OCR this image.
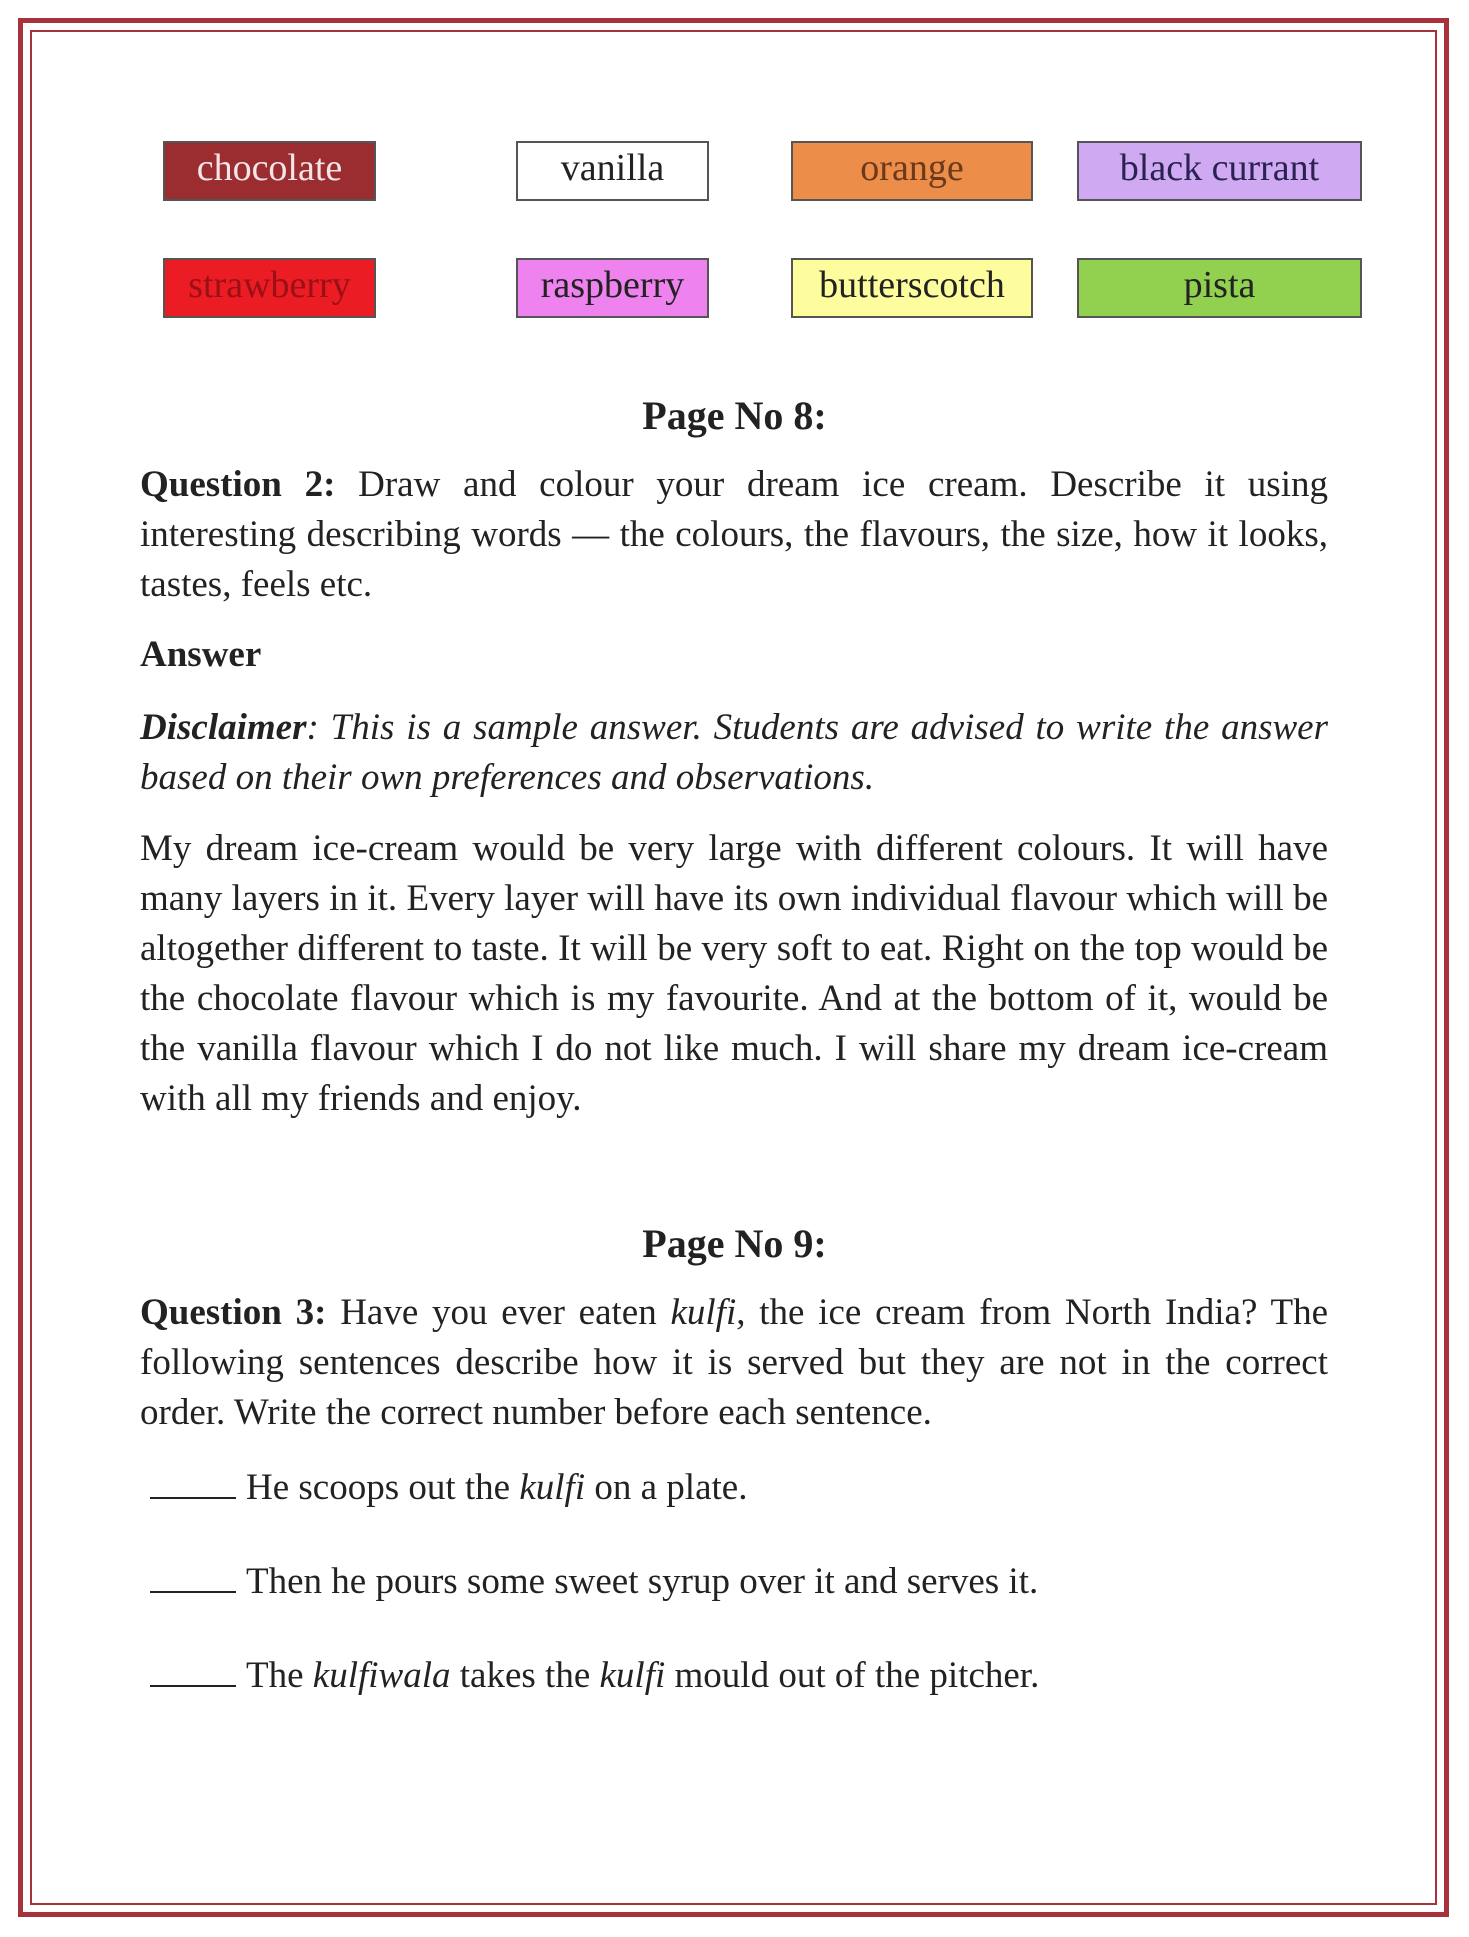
chocolate	vanilla	orange	black currant
strawberry	raspberry	butterscotch	pista
Page No 8:

Question 2: Draw and colour your dream ice cream. Describe it using interesting describing words — the colours, the flavours, the size, how it looks, tastes, feels etc.

Answer

Disclaimer: This is a sample answer. Students are advised to write the answer based on their own preferences and observations.

My dream ice-cream would be very large with different colours. It will have many layers in it. Every layer will have its own individual flavour which will be altogether different to taste. It will be very soft to eat. Right on the top would be the chocolate flavour which is my favourite. And at the bottom of it, would be the vanilla flavour which I do not like much. I will share my dream ice-cream with all my friends and enjoy.

Page No 9:

Question 3: Have you ever eaten kulfi, the ice cream from North India? The following sentences describe how it is served but they are not in the correct order. Write the correct number before each sentence.

He scoops out the kulfi on a plate.
Then he pours some sweet syrup over it and serves it.
The kulfiwala takes the kulfi mould out of the pitcher.
